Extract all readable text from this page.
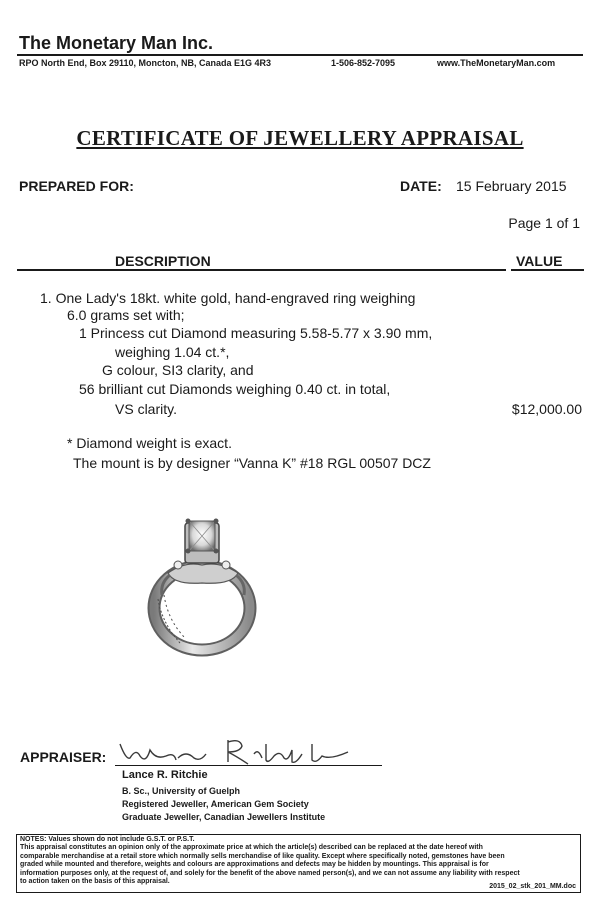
The Monetary Man Inc.
RPO North End, Box 29110, Moncton, NB, Canada E1G 4R3	1-506-852-7095	www.TheMonetaryMan.com
CERTIFICATE OF JEWELLERY APPRAISAL
PREPARED FOR:	DATE: 15 February 2015
Page 1 of 1
DESCRIPTION	VALUE
1. One Lady's 18kt. white gold, hand-engraved ring weighing
6.0 grams set with;
1 Princess cut Diamond measuring 5.58-5.77 x 3.90 mm,
weighing 1.04 ct.*,
G colour, SI3 clarity, and
56 brilliant cut Diamonds weighing 0.40 ct. in total,
VS clarity.	$12,000.00
* Diamond weight is exact.
The mount is by designer “Vanna K” #18 RGL 00507 DCZ
APPRAISER:
Lance R. Ritchie
B. Sc., University of Guelph
Registered Jeweller, American Gem Society
Graduate Jeweller, Canadian Jewellers Institute

NOTES: Values shown do not include G.S.T. or P.S.T.

This appraisal constitutes an opinion only of the approximate price at which the article(s) described can be replaced at the date hereof with

comparable merchandise at a retail store which normally sells merchandise of like quality. Except where specifically noted, gemstones have been

graded while mounted and therefore, weights and colours are approximations and defects may be hidden by mountings. This appraisal is for

information purposes only, at the request of, and solely for the benefit of the above named person(s), and we can not assume any liability with respect

to action taken on the basis of this appraisal.

2015_02_stk_201_MM.doc
